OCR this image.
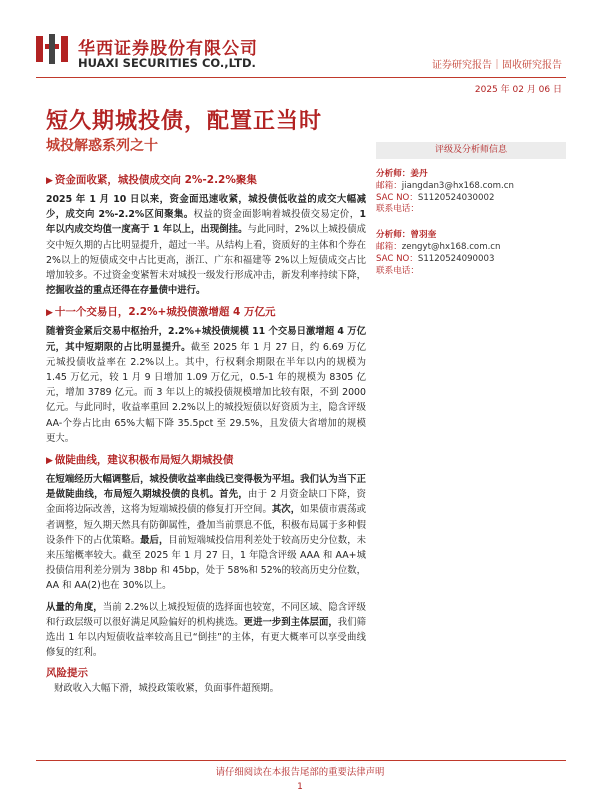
华西证券股份有限公司
HUAXI SECURITIES CO.,LTD.	证券研究报告｜固收研究报告
2025 年 02 月 06 日
短久期城投债，配置正当时
城投解惑系列之十
▶ 资金面收紧，城投债成交向 2%-2.2%聚集
2025 年 1 月 10 日以来，资金面迅速收紧，城投债低收益的成交大幅减少，成交向 2%-2.2%区间聚集。权益的资金面影响着城投债交易定价，1 年以内成交均值一度高于 1 年以上，出现倒挂。与此同时，2%以上城投债成交中短久期的占比明显提升，超过一半。从结构上看，资质好的主体和个券在 2%以上的短债成交中占比更高，浙江、广东和福建等 2%以上短债成交占比增加较多。不过资金变紧暂未对城投一级发行形成冲击，新发利率持续下降，挖掘收益的重点还得在存量债中进行。
▶ 十一个交易日，2.2%+城投债激增超 4 万亿元
随着资金紧后交易中枢抬升，2.2%+城投债规模 11 个交易日激增超 4 万亿元，其中短期限的占比明显提升。截至 2025 年 1 月 27 日，约 6.69 万亿元城投债收益率在 2.2%以上。其中，行权剩余期限在半年以内的规模为 1.45 万亿元，较 1 月 9 日增加 1.09 万亿元，0.5-1 年的规模为 8305 亿元，增加 3789 亿元。而 3 年以上的城投债规模增加比较有限，不到 2000 亿元。与此同时，收益率重回 2.2%以上的城投短债以好资质为主，隐含评级 AA-个券占比由 65%大幅下降 35.5pct 至 29.5%，且发债大省增加的规模更大。
▶ 做陡曲线，建议积极布局短久期城投债
在短端经历大幅调整后，城投债收益率曲线已变得极为平坦。我们认为当下正是做陡曲线，布局短久期城投债的良机。首先，由于 2 月资金缺口下降，资金面将边际改善，这将为短端城投债的修复打开空间。其次，如果债市震荡或者调整，短久期天然具有防御属性，叠加当前票息不低，积极布局属于多种假设条件下的占优策略。最后，目前短端城投信用利差处于较高历史分位数，未来压缩概率较大。截至 2025 年 1 月 27 日，1 年隐含评级 AAA 和 AA+城投债信用利差分别为 38bp 和 45bp，处于 58%和 52%的较高历史分位数，AA 和 AA(2)也在 30%以上。
从量的角度，当前 2.2%以上城投短债的选择面也较宽，不同区域、隐含评级和行政层级可以很好满足风险偏好的机构挑选。更进一步到主体层面，我们筛选出 1 年以内短债收益率较高且已“倒挂”的主体，有更大概率可以享受曲线修复的红利。
风险提示
财政收入大幅下滑，城投政策收紧，负面事件超预期。
评级及分析师信息
分析师：姜丹
邮箱：jiangdan3@hx168.com.cn
SAC NO：S1120524030002
联系电话：
分析师：曾羽奎
邮箱：zengyt@hx168.com.cn
SAC NO：S1120524090003
联系电话：
请仔细阅读在本报告尾部的重要法律声明
1
